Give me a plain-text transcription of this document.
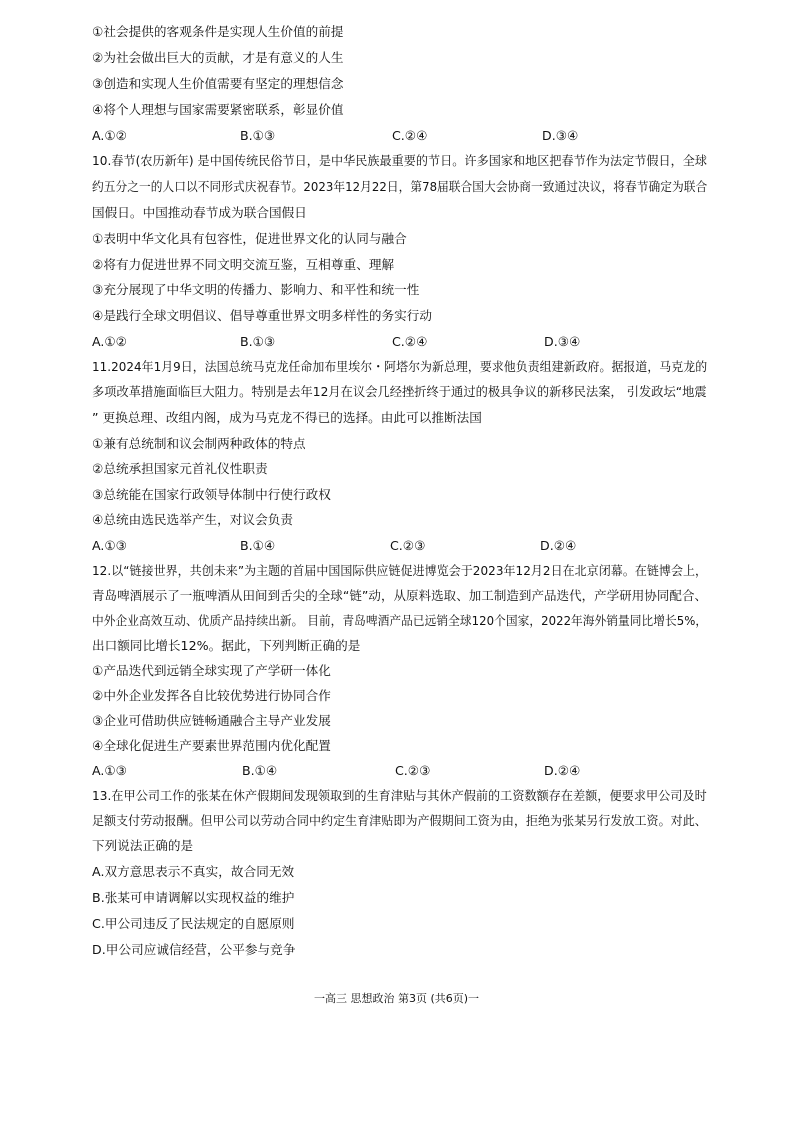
①社会提供的客观条件是实现人生价值的前提
②为社会做出巨大的贡献，才是有意义的人生
③创造和实现人生价值需要有坚定的理想信念
④将个人理想与国家需要紧密联系，彰显价值
A.①②	B.①③	C.②④	D.③④
10.春节(农历新年) 是中国传统民俗节日，是中华民族最重要的节日。许多国家和地区把春节作为法定节假日，全球
约五分之一的人口以不同形式庆祝春节。2023年12月22日，第78届联合国大会协商一致通过决议，将春节确定为联合
国假日。中国推动春节成为联合国假日
①表明中华文化具有包容性，促进世界文化的认同与融合
②将有力促进世界不同文明交流互鉴，互相尊重、理解
③充分展现了中华文明的传播力、影响力、和平性和统一性
④是践行全球文明倡议、倡导尊重世界文明多样性的务实行动
A.①②	B.①③	C.②④	D.③④
11.2024年1月9日，法国总统马克龙任命加布里埃尔・阿塔尔为新总理，要求他负责组建新政府。据报道，马克龙的
多项改革措施面临巨大阻力。特别是去年12月在议会几经挫折终于通过的极具争议的新移民法案， 引发政坛“地震
” 更换总理、改组内阁，成为马克龙不得已的选择。由此可以推断法国
①兼有总统制和议会制两种政体的特点
②总统承担国家元首礼仪性职责
③总统能在国家行政领导体制中行使行政权
④总统由选民选举产生，对议会负责
A.①③	B.①④	C.②③	D.②④
12.以“链接世界，共创未来”为主题的首届中国国际供应链促进博览会于2023年12月2日在北京闭幕。在链博会上，
青岛啤酒展示了一瓶啤酒从田间到舌尖的全球“链”动，从原料选取、加工制造到产品迭代，产学研用协同配合、
中外企业高效互动、优质产品持续出新。 目前，青岛啤酒产品已远销全球120个国家，2022年海外销量同比增长5%，
出口额同比增长12%。据此，下列判断正确的是
①产品迭代到远销全球实现了产学研一体化
②中外企业发挥各自比较优势进行协同合作
③企业可借助供应链畅通融合主导产业发展
④全球化促进生产要素世界范围内优化配置
A.①③	B.①④	C.②③	D.②④
13.在甲公司工作的张某在休产假期间发现领取到的生育津贴与其休产假前的工资数额存在差额，便要求甲公司及时
足额支付劳动报酬。但甲公司以劳动合同中约定生育津贴即为产假期间工资为由，拒绝为张某另行发放工资。对此、
下列说法正确的是
A.双方意思表示不真实，故合同无效
B.张某可申请调解以实现权益的维护
C.甲公司违反了民法规定的自愿原则
D.甲公司应诚信经营，公平参与竞争
一高三 思想政治 第3页 (共6页)一
